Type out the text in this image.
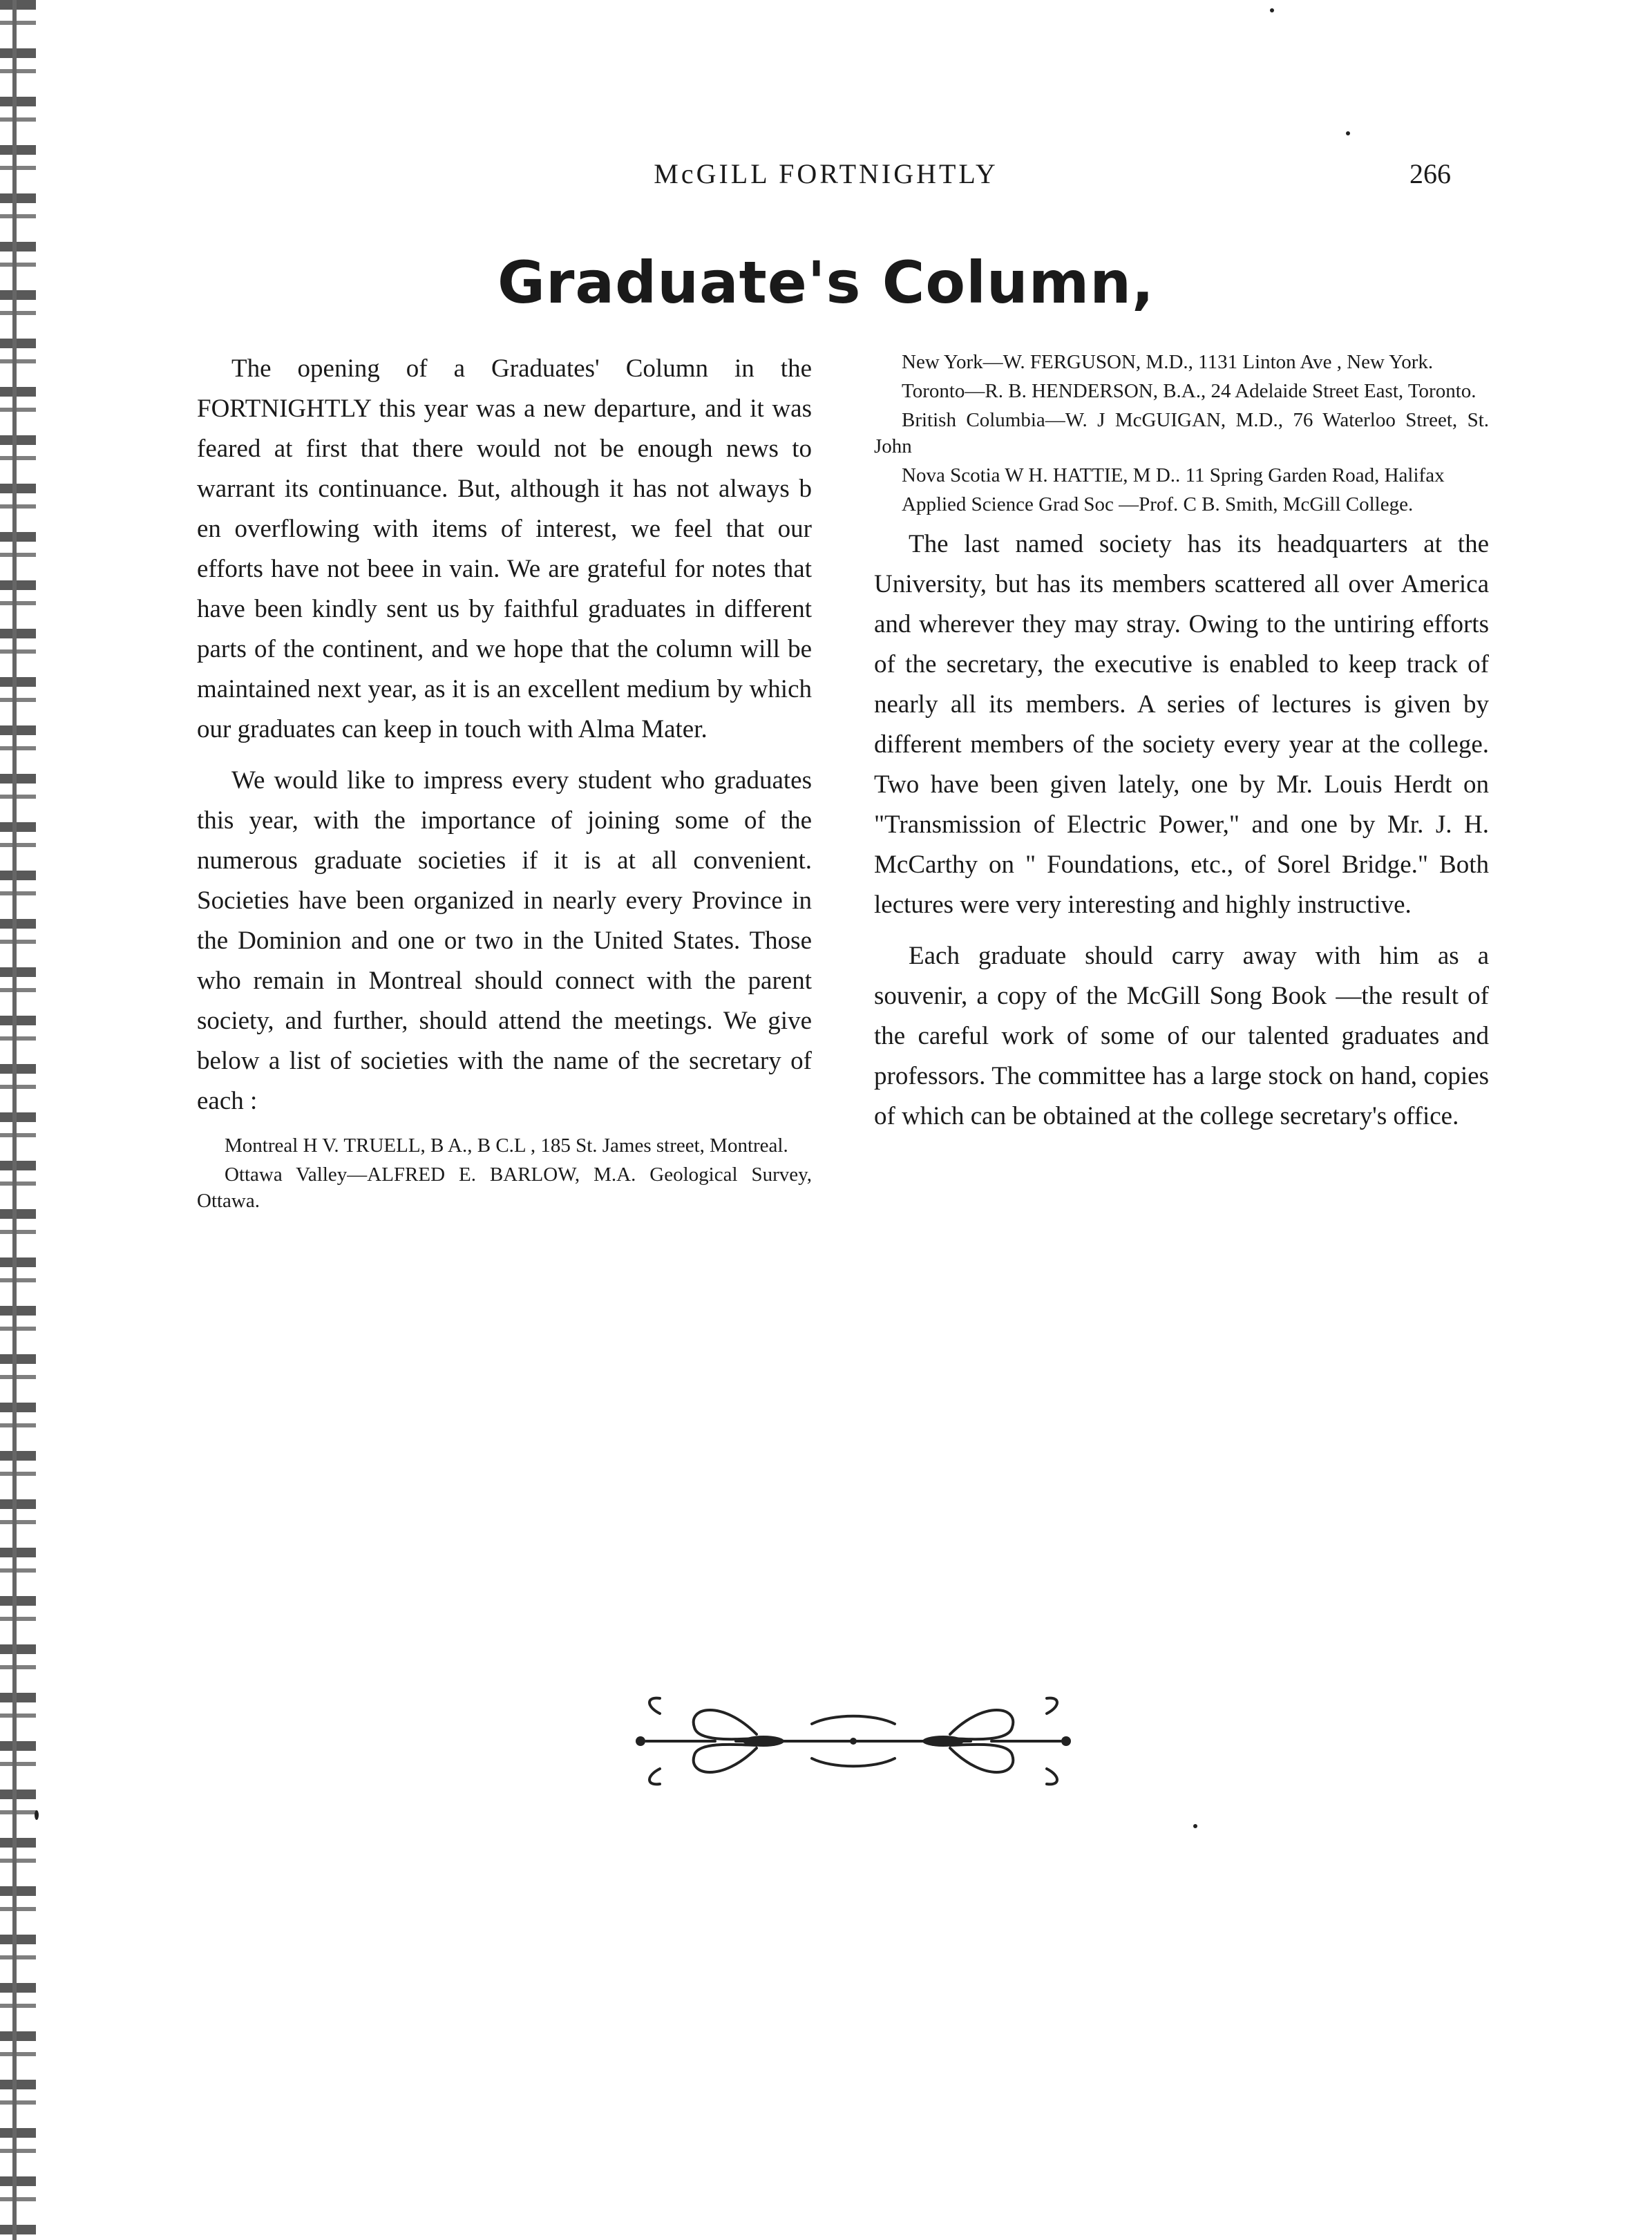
McGILL FORTNIGHTLY	266
Graduate's Column,

The opening of a Graduates' Column in the FORTNIGHTLY this year was a new departure, and it was feared at first that there would not be enough news to warrant its continuance. But, although it has not always b en overflowing with items of interest, we feel that our efforts have not beee in vain. We are grateful for notes that have been kindly sent us by faithful graduates in different parts of the continent, and we hope that the column will be maintained next year, as it is an excellent medium by which our graduates can keep in touch with Alma Mater.

We would like to impress every student who graduates this year, with the importance of joining some of the numerous graduate societies if it is at all convenient. Societies have been organized in nearly every Province in the Dominion and one or two in the United States. Those who remain in Montreal should connect with the parent society, and further, should attend the meetings. We give below a list of societies with the name of the secretary of each :

Montreal H V. TRUELL, B A., B C.L , 185 St. James street, Montreal.
Ottawa Valley—ALFRED E. BARLOW, M.A. Geological Survey, Ottawa.
New York—W. FERGUSON, M.D., 1131 Linton Ave , New York.
Toronto—R. B. HENDERSON, B.A., 24 Adelaide Street East, Toronto.
British Columbia—W. J McGUIGAN, M.D., 76 Waterloo Street, St. John
Nova Scotia W H. HATTIE, M D.. 11 Spring Garden Road, Halifax
Applied Science Grad Soc —Prof. C B. Smith, McGill College.

The last named society has its headquarters at the University, but has its members scattered all over America and wherever they may stray. Owing to the untiring efforts of the secretary, the executive is enabled to keep track of nearly all its members. A series of lectures is given by different members of the society every year at the college. Two have been given lately, one by Mr. Louis Herdt on "Transmission of Electric Power," and one by Mr. J. H. McCarthy on " Foundations, etc., of Sorel Bridge." Both lectures were very interesting and highly instructive.

Each graduate should carry away with him as a souvenir, a copy of the McGill Song Book —the result of the careful work of some of our talented graduates and professors. The committee has a large stock on hand, copies of which can be obtained at the college secretary's office.
